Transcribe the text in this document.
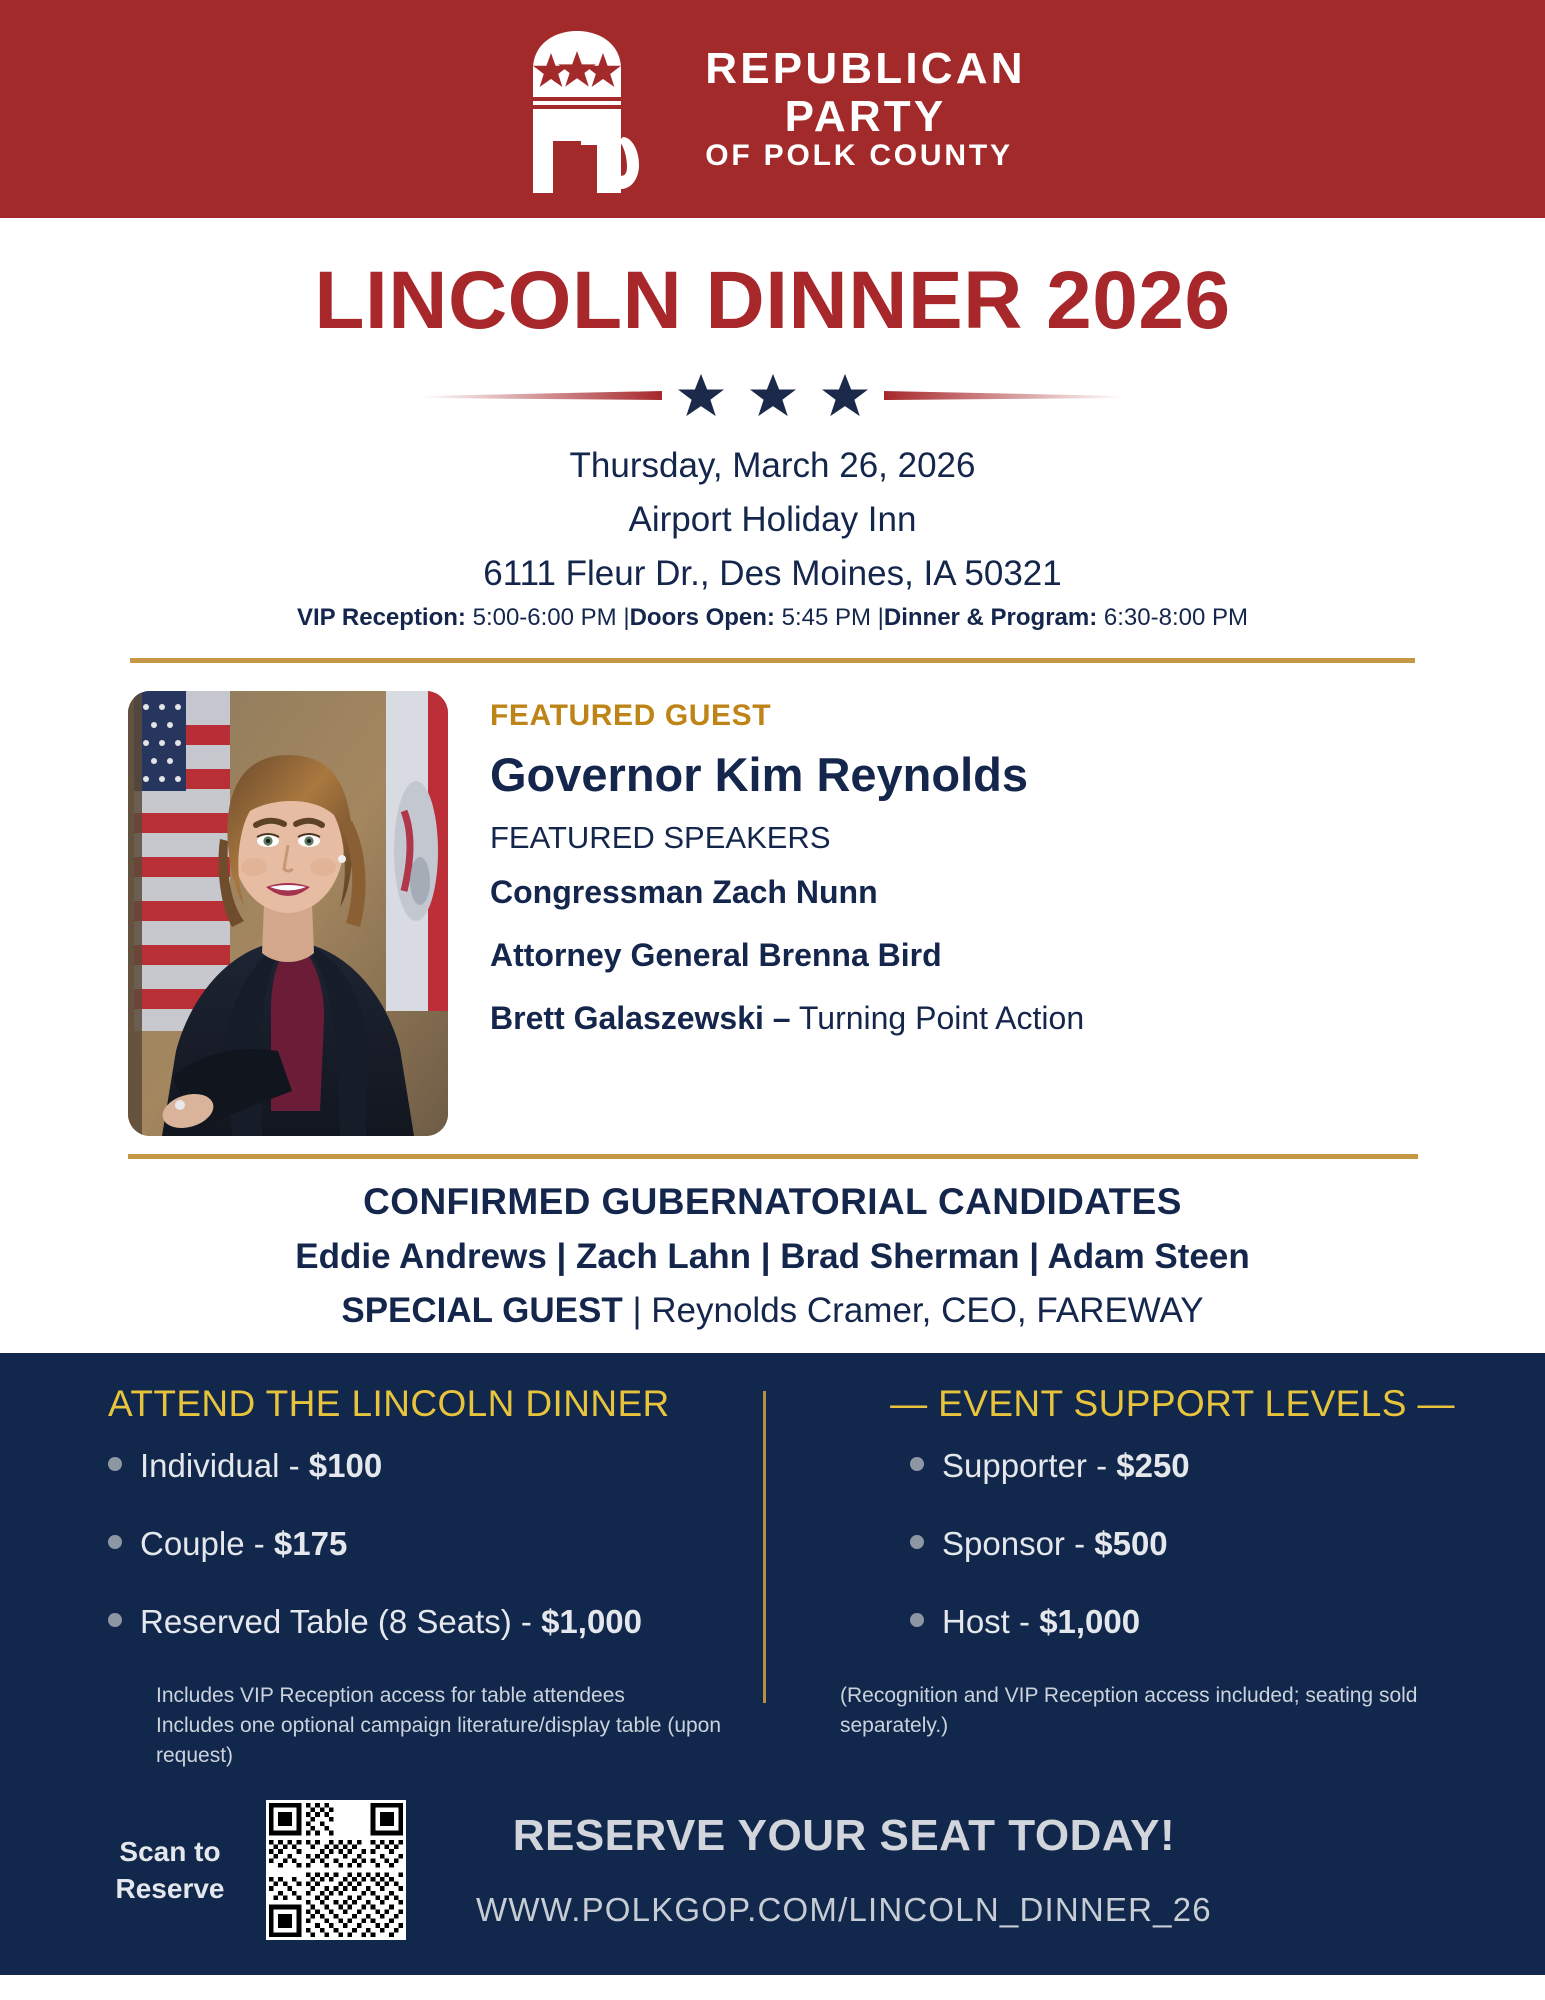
REPUBLICAN
PARTY
OF POLK COUNTY
LINCOLN DINNER 2026
Thursday, March 26, 2026
Airport Holiday Inn
6111 Fleur Dr., Des Moines, IA 50321
VIP Reception: 5:00-6:00 PM |Doors Open: 5:45 PM |Dinner & Program: 6:30-8:00 PM
FEATURED GUEST
Governor Kim Reynolds
FEATURED SPEAKERS
Congressman Zach Nunn
Attorney General Brenna Bird
Brett Galaszewski – Turning Point Action
CONFIRMED GUBERNATORIAL CANDIDATES
Eddie Andrews | Zach Lahn | Brad Sherman | Adam Steen
SPECIAL GUEST | Reynolds Cramer, CEO, FAREWAY
ATTEND THE LINCOLN DINNER
Individual - $100
Couple - $175
Reserved Table (8 Seats) - $1,000
Includes VIP Reception access for table attendees
Includes one optional campaign literature/display table (upon request)
— EVENT SUPPORT LEVELS —
Supporter - $250
Sponsor - $500
Host - $1,000
(Recognition and VIP Reception access included; seating sold separately.)
Scan to Reserve
RESERVE YOUR SEAT TODAY!
WWW.POLKGOP.COM/LINCOLN_DINNER_26
